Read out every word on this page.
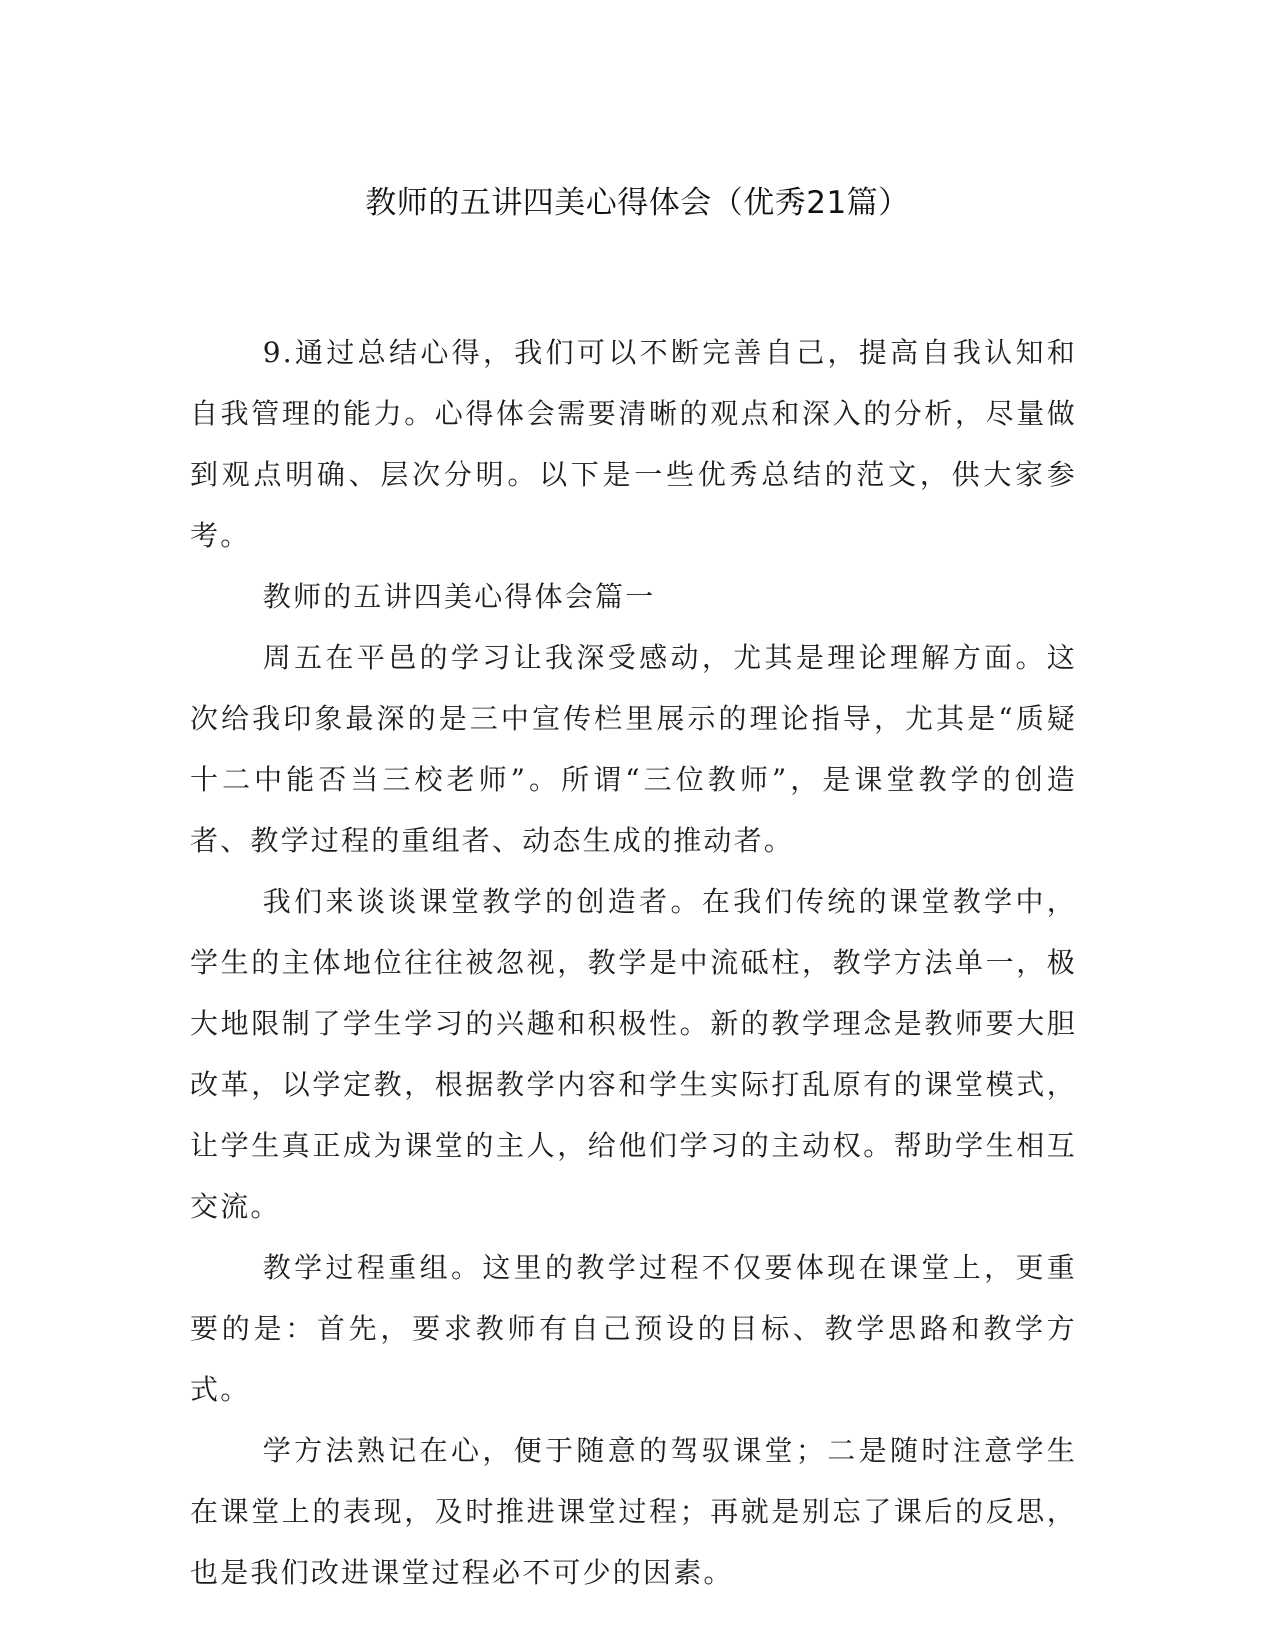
教师的五讲四美心得体会（优秀21篇）

9.通过总结心得，我们可以不断完善自己，提高自我认知和自我管理的能力。心得体会需要清晰的观点和深入的分析，尽量做到观点明确、层次分明。以下是一些优秀总结的范文，供大家参考。

教师的五讲四美心得体会篇一

周五在平邑的学习让我深受感动，尤其是理论理解方面。这次给我印象最深的是三中宣传栏里展示的理论指导，尤其是“质疑十二中能否当三校老师”。所谓“三位教师”，是课堂教学的创造者、教学过程的重组者、动态生成的推动者。

我们来谈谈课堂教学的创造者。在我们传统的课堂教学中，学生的主体地位往往被忽视，教学是中流砥柱，教学方法单一，极大地限制了学生学习的兴趣和积极性。新的教学理念是教师要大胆改革，以学定教，根据教学内容和学生实际打乱原有的课堂模式，让学生真正成为课堂的主人，给他们学习的主动权。帮助学生相互交流。

教学过程重组。这里的教学过程不仅要体现在课堂上，更重要的是：首先，要求教师有自己预设的目标、教学思路和教学方式。

学方法熟记在心，便于随意的驾驭课堂；二是随时注意学生在课堂上的表现，及时推进课堂过程；再就是别忘了课后的反思，也是我们改进课堂过程必不可少的因素。
